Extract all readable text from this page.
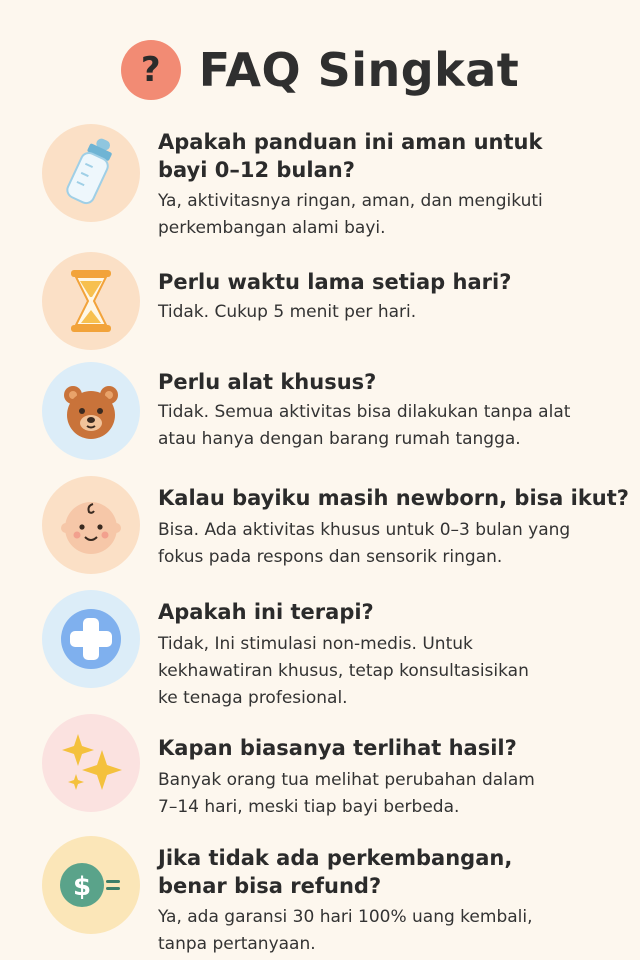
? FAQ Singkat

Apakah panduan ini aman untuk
bayi 0–12 bulan?

Ya, aktivitasnya ringan, aman, dan mengikuti
perkembangan alami bayi.

Perlu waktu lama setiap hari?

Tidak. Cukup 5 menit per hari.

Perlu alat khusus?

Tidak. Semua aktivitas bisa dilakukan tanpa alat
atau hanya dengan barang rumah tangga.

Kalau bayiku masih newborn, bisa ikut?

Bisa. Ada aktivitas khusus untuk 0–3 bulan yang
fokus pada respons dan sensorik ringan.

Apakah ini terapi?

Tidak, Ini stimulasi non-medis. Untuk
kekhawatiran khusus, tetap konsultasisikan
ke tenaga profesional.

Kapan biasanya terlihat hasil?

Banyak orang tua melihat perubahan dalam
7–14 hari, meski tiap bayi berbeda.

$

Jika tidak ada perkembangan,
benar bisa refund?

Ya, ada garansi 30 hari 100% uang kembali,
tanpa pertanyaan.
